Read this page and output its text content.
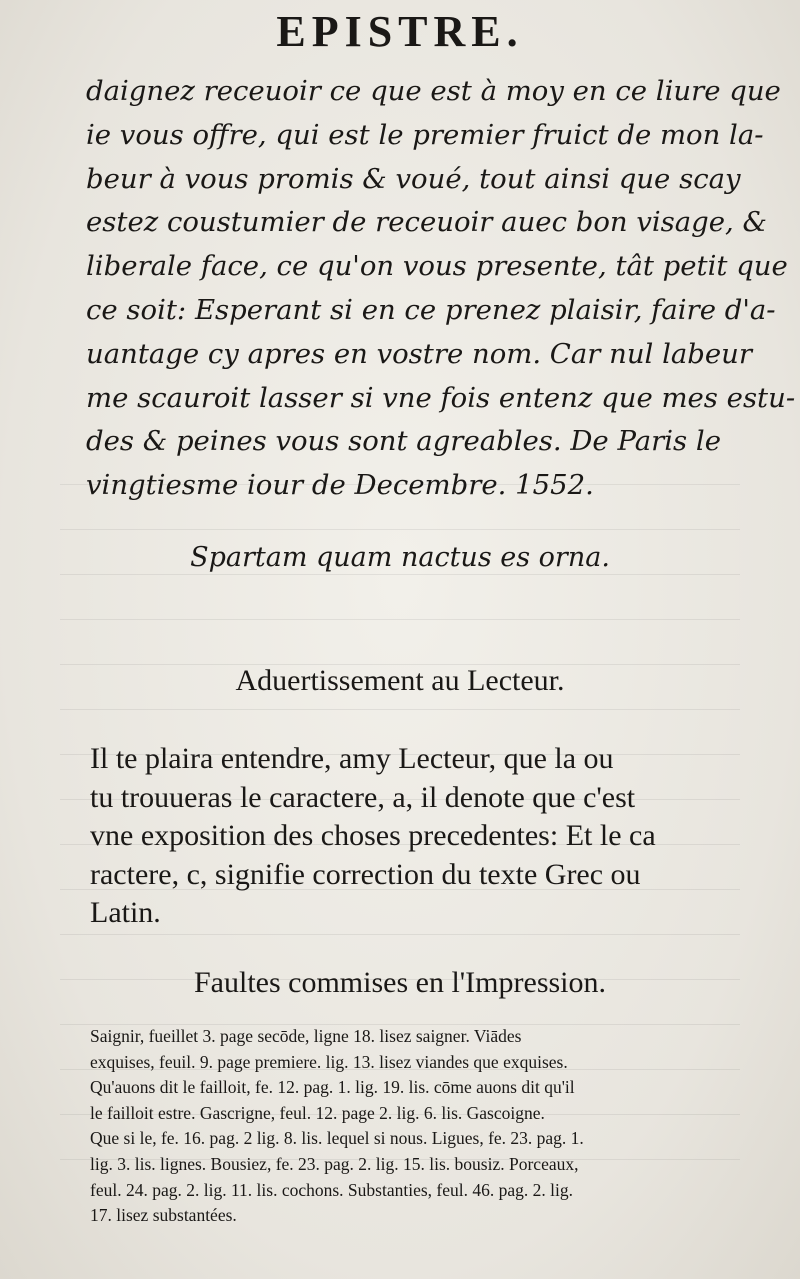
EPISTRE.
daignez receuoir ce que est à moy en ce liure que
ie vous offre, qui est le premier fruict de mon la-
beur à vous promis & voué, tout ainsi que scay
estez coustumier de receuoir auec bon visage, &
liberale face, ce qu'on vous presente, tât petit que
ce soit: Esperant si en ce prenez plaisir, faire d'a-
uantage cy apres en vostre nom. Car nul labeur
me scauroit lasser si vne fois entenz que mes estu-
des & peines vous sont agreables. De Paris le
vingtiesme iour de Decembre. 1552.
Spartam quam nactus es orna.
Aduertissement au Lecteur.
Il te plaira entendre, amy Lecteur, que la ou
tu trouueras le caractere, a, il denote que c'est
vne exposition des choses precedentes: Et le ca
ractere, c, signifie correction du texte Grec ou
Latin.
Faultes commises en l'Impression.
Saignir, fueillet 3. page secōde, ligne 18. lisez saigner. Viādes
exquises, feuil. 9. page premiere. lig. 13. lisez viandes que exquises.
Qu'auons dit le failloit, fe. 12. pag. 1. lig. 19. lis. cōme auons dit qu'il
le failloit estre. Gascrigne, feul. 12. page 2. lig. 6. lis. Gascoigne.
Que si le, fe. 16. pag. 2 lig. 8. lis. lequel si nous. Ligues, fe. 23. pag. 1.
lig. 3. lis. lignes. Bousiez, fe. 23. pag. 2. lig. 15. lis. bousiz. Porceaux,
feul. 24. pag. 2. lig. 11. lis. cochons. Substanties, feul. 46. pag. 2. lig.
17. lisez substantées.
